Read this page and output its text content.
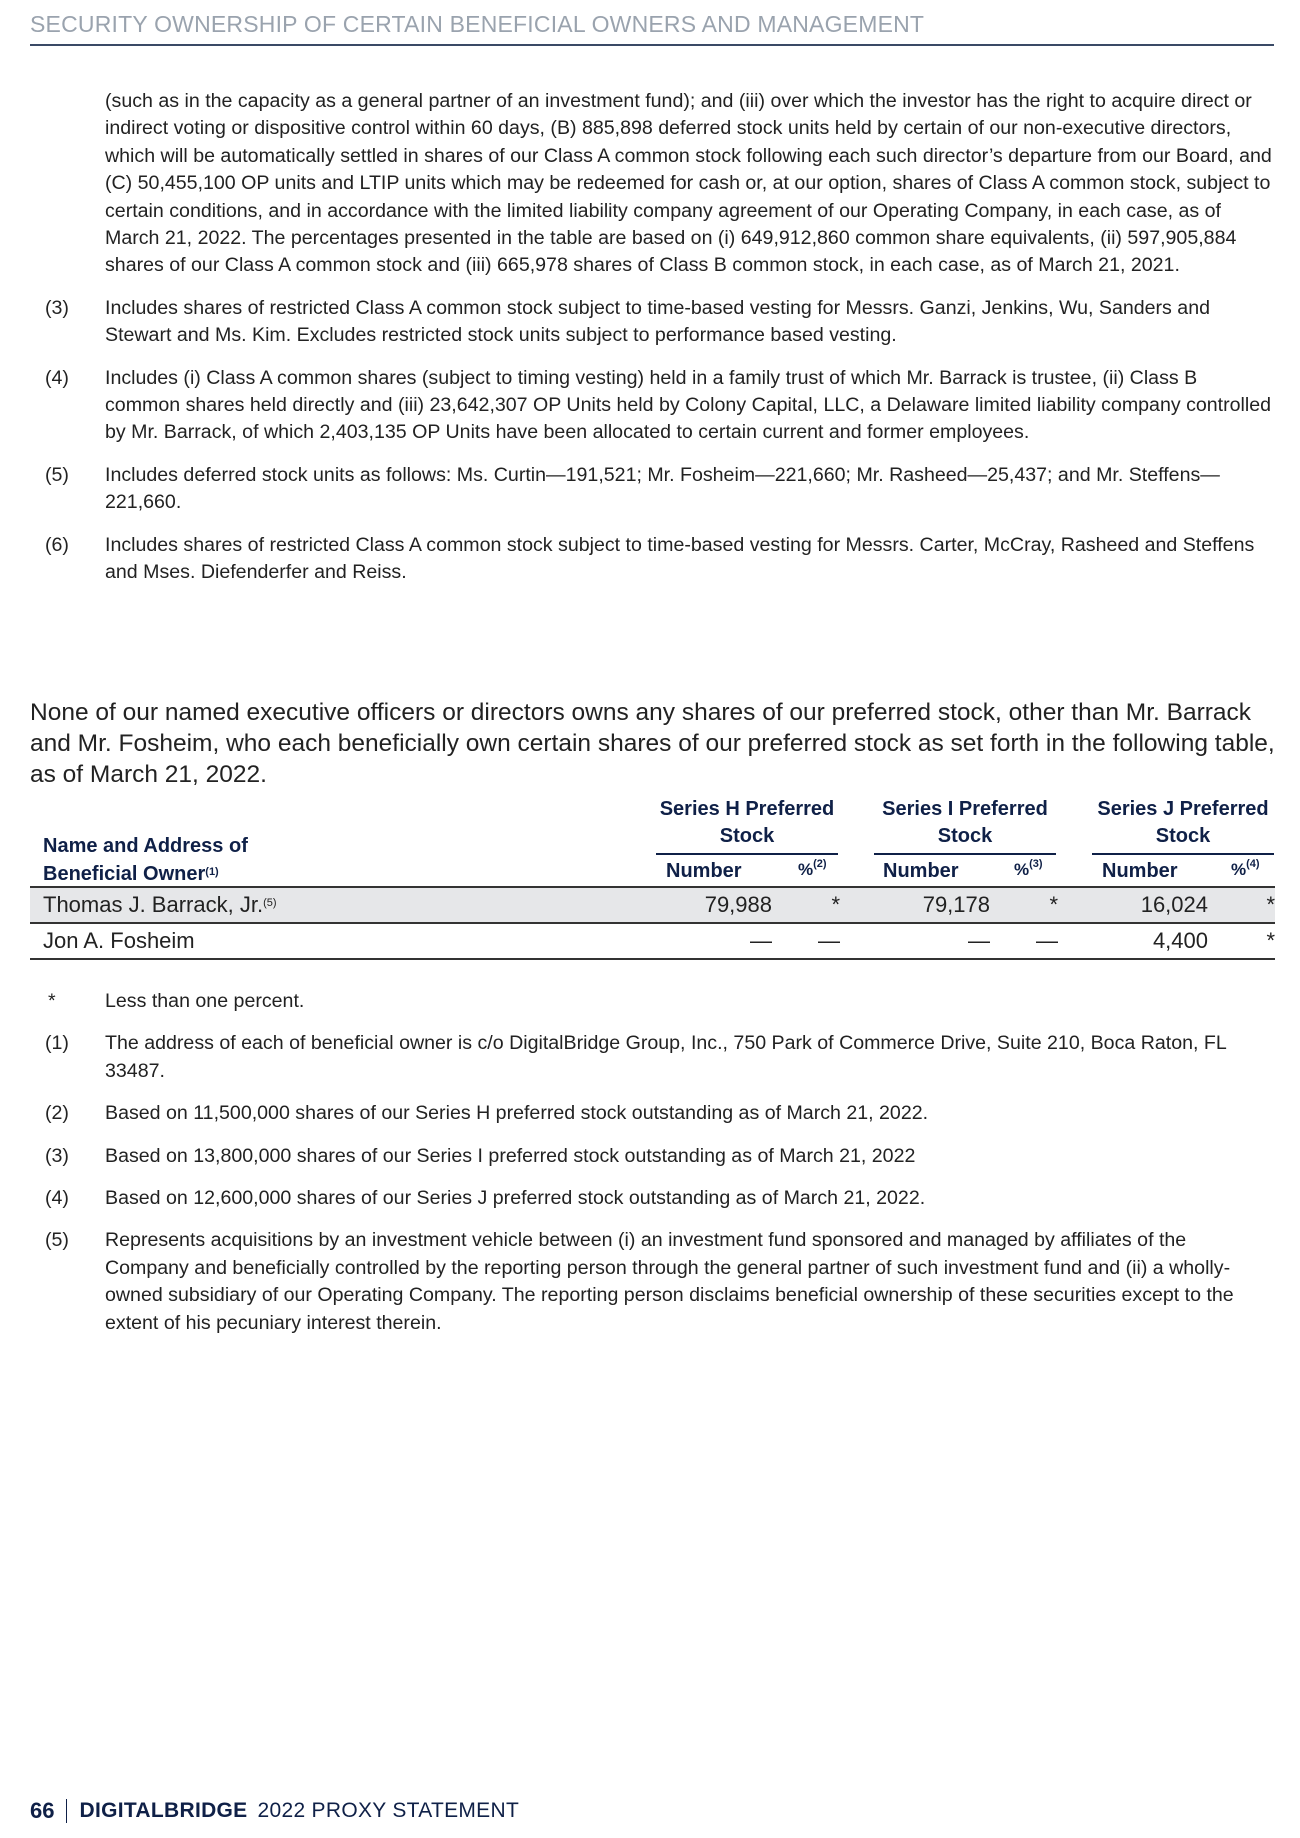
SECURITY OWNERSHIP OF CERTAIN BENEFICIAL OWNERS AND MANAGEMENT
(such as in the capacity as a general partner of an investment fund); and (iii) over which the investor has the right to acquire direct or indirect voting or dispositive control within 60 days, (B) 885,898 deferred stock units held by certain of our non-executive directors, which will be automatically settled in shares of our Class A common stock following each such director’s departure from our Board, and (C) 50,455,100 OP units and LTIP units which may be redeemed for cash or, at our option, shares of Class A common stock, subject to certain conditions, and in accordance with the limited liability company agreement of our Operating Company, in each case, as of March 21, 2022. The percentages presented in the table are based on (i) 649,912,860 common share equivalents, (ii) 597,905,884 shares of our Class A common stock and (iii) 665,978 shares of Class B common stock, in each case, as of March 21, 2021.
(3)	Includes shares of restricted Class A common stock subject to time-based vesting for Messrs. Ganzi, Jenkins, Wu, Sanders and Stewart and Ms. Kim. Excludes restricted stock units subject to performance based vesting.
(4)	Includes (i) Class A common shares (subject to timing vesting) held in a family trust of which Mr. Barrack is trustee, (ii) Class B common shares held directly and (iii) 23,642,307 OP Units held by Colony Capital, LLC, a Delaware limited liability company controlled by Mr. Barrack, of which 2,403,135 OP Units have been allocated to certain current and former employees.
(5)	Includes deferred stock units as follows: Ms. Curtin—191,521; Mr. Fosheim—221,660; Mr. Rasheed—25,437; and Mr. Steffens—221,660.
(6)	Includes shares of restricted Class A common stock subject to time-based vesting for Messrs. Carter, McCray, Rasheed and Steffens and Mses. Diefenderfer and Reiss.

None of our named executive officers or directors owns any shares of our preferred stock, other than Mr. Barrack and Mr. Fosheim, who each beneficially own certain shares of our preferred stock as set forth in the following table, as of March 21, 2022.

Name and Address of
Beneficial Owner$^{(1)}$
Series H Preferred
Stock
Series I Preferred
Stock
Series J Preferred
Stock
Number	%$^{(2)}$	Number	%$^{(3)}$	Number	%$^{(4)}$
Thomas J. Barrack, Jr.$^{(5)}$	79,988	*	79,178	*	16,024	*
Jon A. Fosheim	—	—	—	—	4,400	*
*	Less than one percent.
(1)	The address of each of beneficial owner is c/o DigitalBridge Group, Inc., 750 Park of Commerce Drive, Suite 210, Boca Raton, FL 33487.
(2)	Based on 11,500,000 shares of our Series H preferred stock outstanding as of March 21, 2022.
(3)	Based on 13,800,000 shares of our Series I preferred stock outstanding as of March 21, 2022
(4)	Based on 12,600,000 shares of our Series J preferred stock outstanding as of March 21, 2022.
(5)	Represents acquisitions by an investment vehicle between (i) an investment fund sponsored and managed by affiliates of the Company and beneficially controlled by the reporting person through the general partner of such investment fund and (ii) a wholly-owned subsidiary of our Operating Company. The reporting person disclaims beneficial ownership of these securities except to the extent of his pecuniary interest therein.
66 DIGITALBRIDGE 2022 PROXY STATEMENT
